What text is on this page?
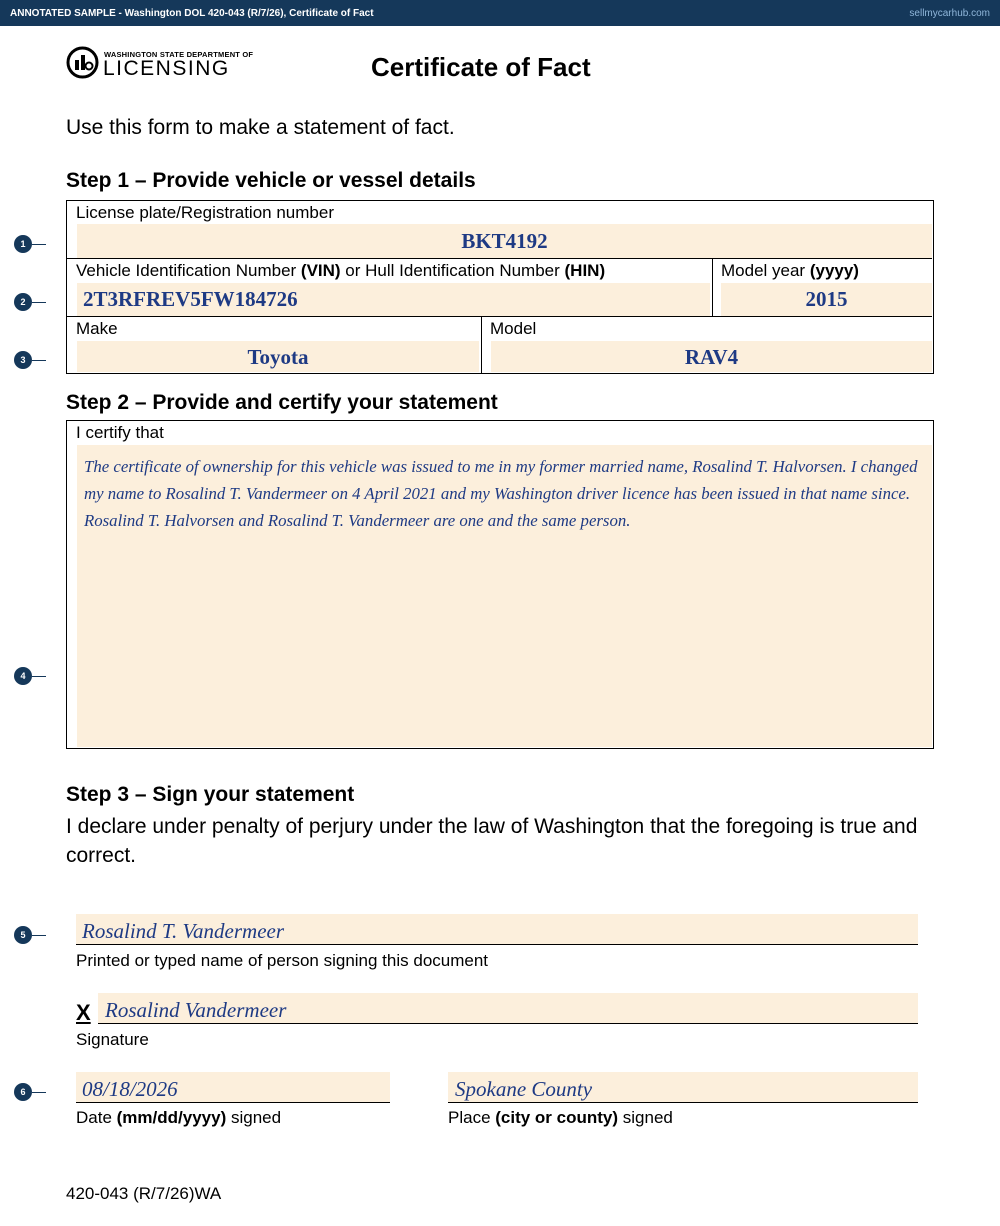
ANNOTATED SAMPLE - Washington DOL 420-043 (R/7/26), Certificate of Fact	sellmycarhub.com
WASHINGTON STATE DEPARTMENT OF
LICENSING	Certificate of Fact
Use this form to make a statement of fact.
Step 1 – Provide vehicle or vessel details
License plate/Registration number
BKT4192
Vehicle Identification Number (VIN) or Hull Identification Number (HIN)
2T3RFREV5FW184726
Model year (yyyy)
2015
Make
Toyota
Model
RAV4
Step 2 – Provide and certify your statement
I certify that
The certificate of ownership for this vehicle was issued to me in my former married name, Rosalind T. Halvorsen. I changed my name to Rosalind T. Vandermeer on 4 April 2021 and my Washington driver licence has been issued in that name since. Rosalind T. Halvorsen and Rosalind T. Vandermeer are one and the same person.
Step 3 – Sign your statement
I declare under penalty of perjury under the law of Washington that the foregoing is true and correct.
Rosalind T. Vandermeer
Printed or typed name of person signing this document
X Rosalind Vandermeer
Signature
08/18/2026
Date (mm/dd/yyyy) signed
Spokane County
Place (city or county) signed
1
2
3
4
5
6
420-043 (R/7/26)WA
